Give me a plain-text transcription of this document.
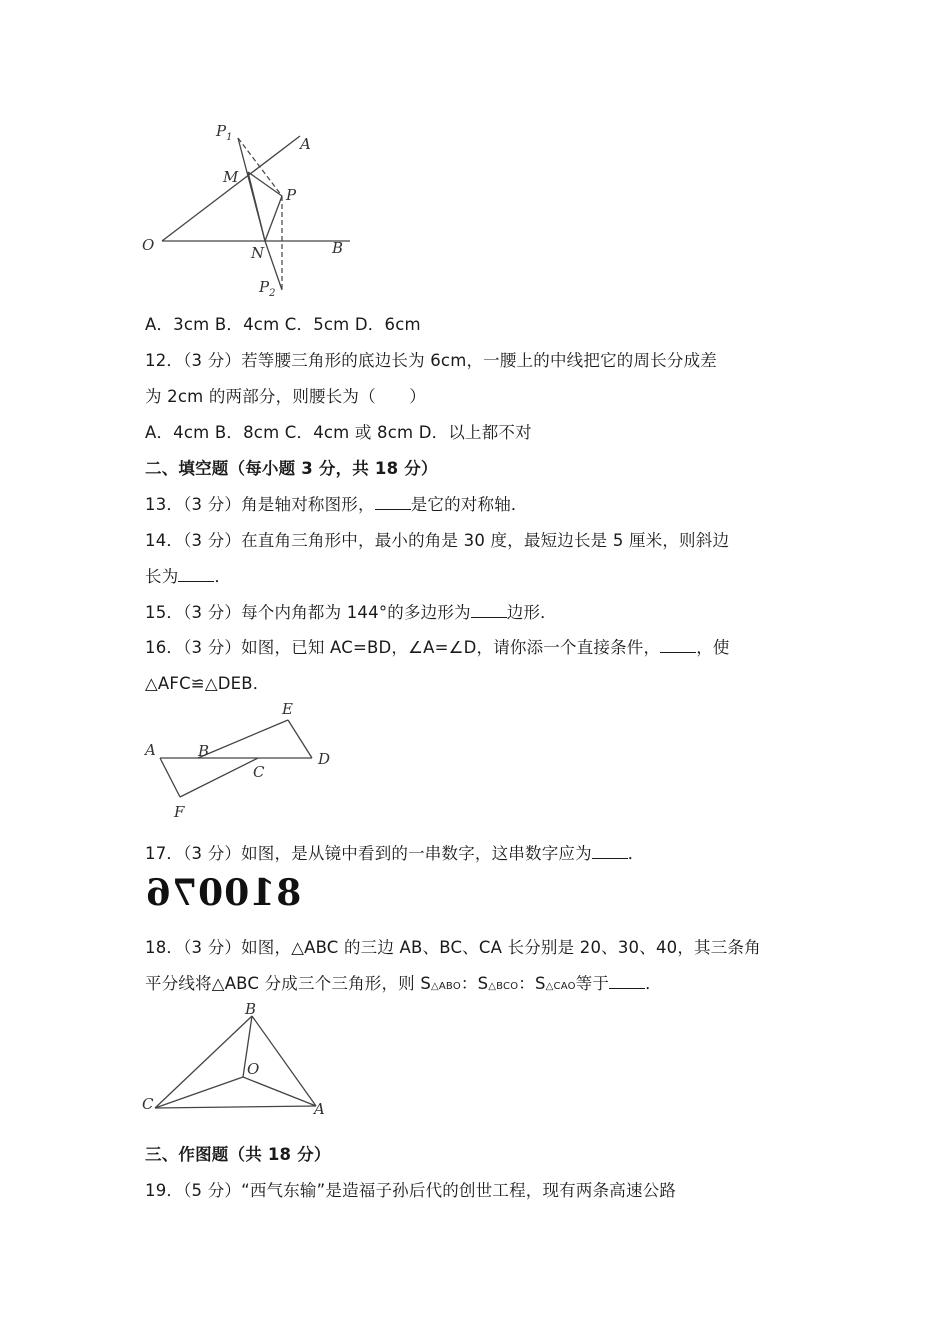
$P_1$	A
M
P
O	N	B
$P_2$
A．3cm B．4cm C．5cm D．6cm
12．（3 分）若等腰三角形的底边长为 6cm，一腰上的中线把它的周长分成差
为 2cm 的两部分，则腰长为（　　）
A．4cm B．8cm C．4cm 或 8cm D．以上都不对
二、填空题（每小题 3 分，共 18 分）
13．（3 分）角是轴对称图形， 是它的对称轴．
14．（3 分）在直角三角形中，最小的角是 30 度，最短边长是 5 厘米，则斜边
长为 ．
15．（3 分）每个内角都为 144°的多边形为 边形．
16．（3 分）如图，已知 AC=BD，∠A=∠D，请你添一个直接条件， ，使
△AFC≌△DEB．
E
A	B	D
C
F
17．（3 分）如图，是从镜中看到的一串数字，这串数字应为 ．
810076
18．（3 分）如图，△ABC 的三边 AB、BC、CA 长分别是 20、30、40，其三条角
平分线将△ABC 分成三个三角形，则 S△ABO：S△BCO：S△CAO等于 ．
B
O
C	A
三、作图题（共 18 分）
19．（5 分）“西气东输”是造福子孙后代的创世工程，现有两条高速公路
